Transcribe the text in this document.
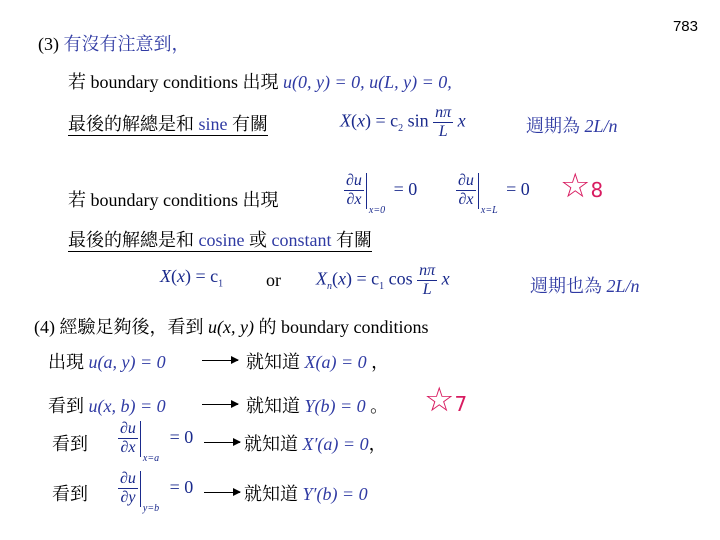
783
(3) 有沒有注意到，
若 boundary conditions 出現 u(0, y) = 0, u(L, y) = 0,
最後的解總是和 sine 有關	$X(x) = c_2$ $\sin \frac{n\pi}{L}$ x	週期為 2L/n
若 boundary conditions 出現	$\frac{\partial u}{\partial x}$
$_{x=0} = 0 \frac{\partial u}{\partial x}$
$_{x=L}$ = 0 ☆8
最後的解總是和 cosine 或 constant 有關
$X(x) = c_1$ or $X_n(x) = c_1$ $\cos \frac{n\pi}{L}$ x	週期也為 2L/n
(4) 經驗足夠後，看到 u(x, y) 的 boundary conditions
出現 u(a, y) = 0	就知道 X(a) = 0 ，
看到 u(x, b) = 0	就知道 Y(b) = 0 。 ☆7
看到 $\frac{\partial u}{\partial x}$
$_{x=a}$ = 0	就知道 X′(a) = 0，
看到 $\frac{\partial u}{\partial y}$
$_{y=b}$ = 0	就知道 Y′(b) = 0
